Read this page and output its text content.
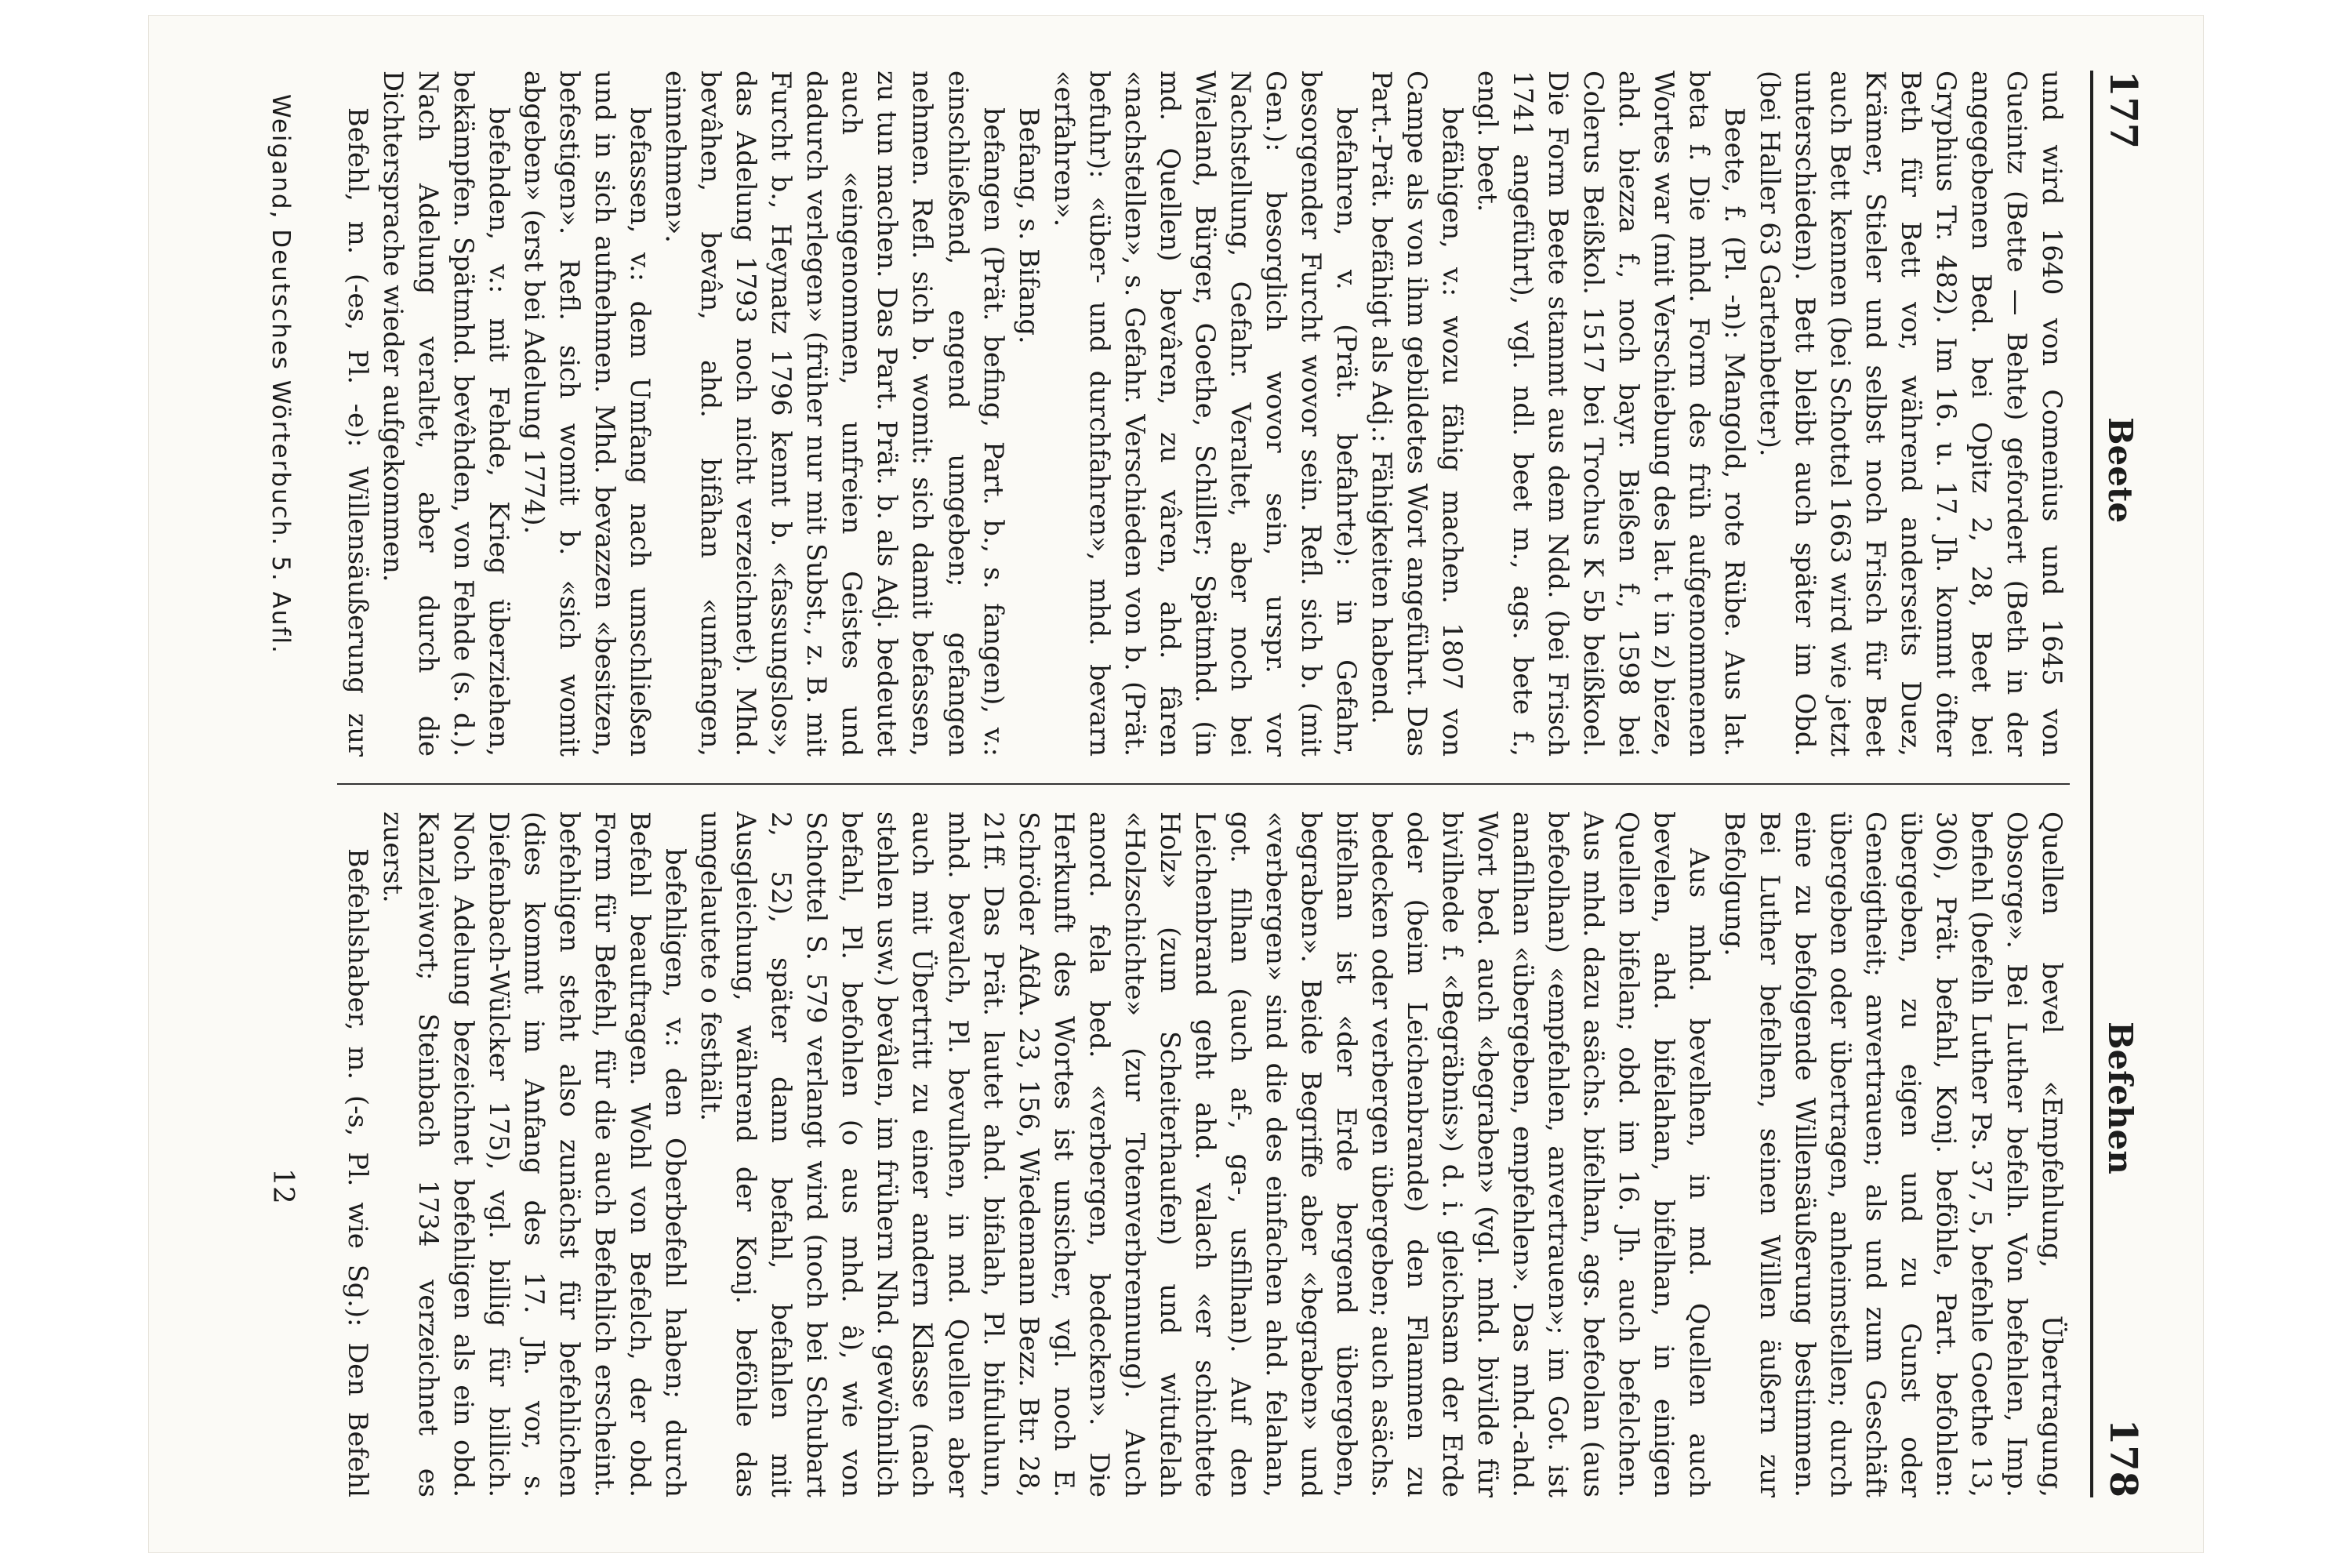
177
Beete
Befehen
178

und wird 1640 von Comenius und 1645 von Gueintz (Bette — Behte) gefordert (Beth in der angegebenen Bed. bei Opitz 2, 28, Beet bei Gryphius Tr. 482). Im 16. u. 17. Jh. kommt öfter Beth für Bett vor, während anderseits Duez, Krämer, Stieler und selbst noch Frisch für Beet auch Bett kennen (bei Schottel 1663 wird wie jetzt unterschieden). Bett bleibt auch später im Obd. (bei Haller 63 Gartenbetter).

Beete, f. (Pl. -n): Mangold, rote Rübe. Aus lat. beta f. Die mhd. Form des früh aufgenommenen Wortes war (mit Verschiebung des lat. t in z) bieze, ahd. biezza f., noch bayr. Bießen f., 1598 bei Colerus Beißkol. 1517 bei Trochus K 5b beißkoel. Die Form Beete stammt aus dem Ndd. (bei Frisch 1741 angeführt), vgl. ndl. beet m., ags. bete f., engl. beet.

befähigen, v.: wozu fähig machen. 1807 von Campe als von ihm gebildetes Wort angeführt. Das Part.-Prät. befähigt als Adj.: Fähigkeiten habend.

befahren, v. (Prät. befahrte): in Gefahr, besorgender Furcht wovor sein. Refl. sich b. (mit Gen.): besorglich wovor sein, urspr. vor Nachstellung, Gefahr. Veraltet, aber noch bei Wieland, Bürger, Goethe, Schiller; Spätmhd. (in md. Quellen) bevâren, zu vâren, ahd. fâren «nachstellen», s. Gefahr. Verschieden von b. (Prät. befuhr): «über- und durchfahren», mhd. bevarn «erfahren».

Befang, s. Bifang.

befangen (Prät. befing, Part. b., s. fangen), v.: einschließend, engend umgeben; gefangen nehmen. Refl. sich b. womit: sich damit befassen, zu tun machen. Das Part. Prät. b. als Adj. bedeutet auch «eingenommen, unfreien Geistes und dadurch verlegen» (früher nur mit Subst., z. B. mit Furcht b., Heynatz 1796 kennt b. «fassungslos», das Adelung 1793 noch nicht verzeichnet). Mhd. bevâhen, bevân, ahd. bifâhan «umfangen, einnehmen».

befassen, v.: dem Umfang nach umschließen und in sich aufnehmen. Mhd. bevazzen «besitzen, befestigen». Refl. sich womit b. «sich womit abgeben» (erst bei Adelung 1774).

befehden, v.: mit Fehde, Krieg überziehen, bekämpfen. Spätmhd. bevêhden, von Fehde (s. d.). Nach Adelung veraltet, aber durch die Dichtersprache wieder aufgekommen.

Befehl, m. (-es, Pl. -e): Willensäußerung zur

Quellen bevel «Empfehlung, Übertragung, Obsorge». Bei Luther befelh. Von befehlen, Imp. befiehl (befelh Luther Ps. 37, 5, befehle Goethe 13, 306), Prät. befahl, Konj. beföhle, Part. befohlen: übergeben, zu eigen und zu Gunst oder Geneigtheit; anvertrauen; als und zum Geschäft übergeben oder übertragen, anheimstellen; durch eine zu befolgende Willensäußerung bestimmen. Bei Luther befelhen, seinen Willen äußern zur Befolgung.

Aus mhd. bevelhen, in md. Quellen auch bevelen, ahd. bifelahan, bifelhan, in einigen Quellen bifelan; obd. im 16. Jh. auch befelchen. Aus mhd. dazu asächs. bifelhan, ags. befeolan (aus befeolhan) «empfehlen, anvertrauen»; im Got. ist anafilhan «übergeben, empfehlen». Das mhd.-ahd. Wort bed. auch «begraben» (vgl. mhd. bivilde für bivilhede f. «Begräbnis») d. i. gleichsam der Erde oder (beim Leichenbrande) den Flammen zu bedecken oder verbergen übergeben; auch asächs. bifelhan ist «der Erde bergend übergeben, begraben». Beide Begriffe aber «begraben» und «verbergen» sind die des einfachen ahd. felahan, got. filhan (auch af-, ga-, usfilhan). Auf den Leichenbrand geht ahd. valach «er schichtete Holz» (zum Scheiterhaufen) und witufelah «Holzschichte» (zur Totenverbrennung). Auch anord. fela bed. «verbergen, bedecken». Die Herkunft des Wortes ist unsicher, vgl. noch E. Schröder AfdA. 23, 156, Wiedemann Bezz. Btr. 28, 21ff. Das Prät. lautet ahd. bifalah, Pl. bifuluhun, mhd. bevalch, Pl. bevulhen, in md. Quellen aber auch mit Übertritt zu einer andern Klasse (nach stehlen usw.) bevâlen, im frühern Nhd. gewöhnlich befahl, Pl. befohlen (o aus mhd. â), wie von Schottel S. 579 verlangt wird (noch bei Schubart 2, 52), später dann befahl, befahlen mit Ausgleichung, während der Konj. beföhle das umgelautete o festhält.

befehligen, v.: den Oberbefehl haben; durch Befehl beauftragen. Wohl von Befelch, der obd. Form für Befehl, für die auch Befehlich erscheint. befehligen steht also zunächst für befehlichen (dies kommt im Anfang des 17. Jh. vor, s. Diefenbach-Wülcker 175), vgl. billig für billich. Noch Adelung bezeichnet befehligen als ein obd. Kanzleiwort; Steinbach 1734 verzeichnet es zuerst.

Befehlshaber, m. (-s, Pl. wie Sg.): Den Befehl

Weigand, Deutsches Wörterbuch. 5. Aufl.
12
